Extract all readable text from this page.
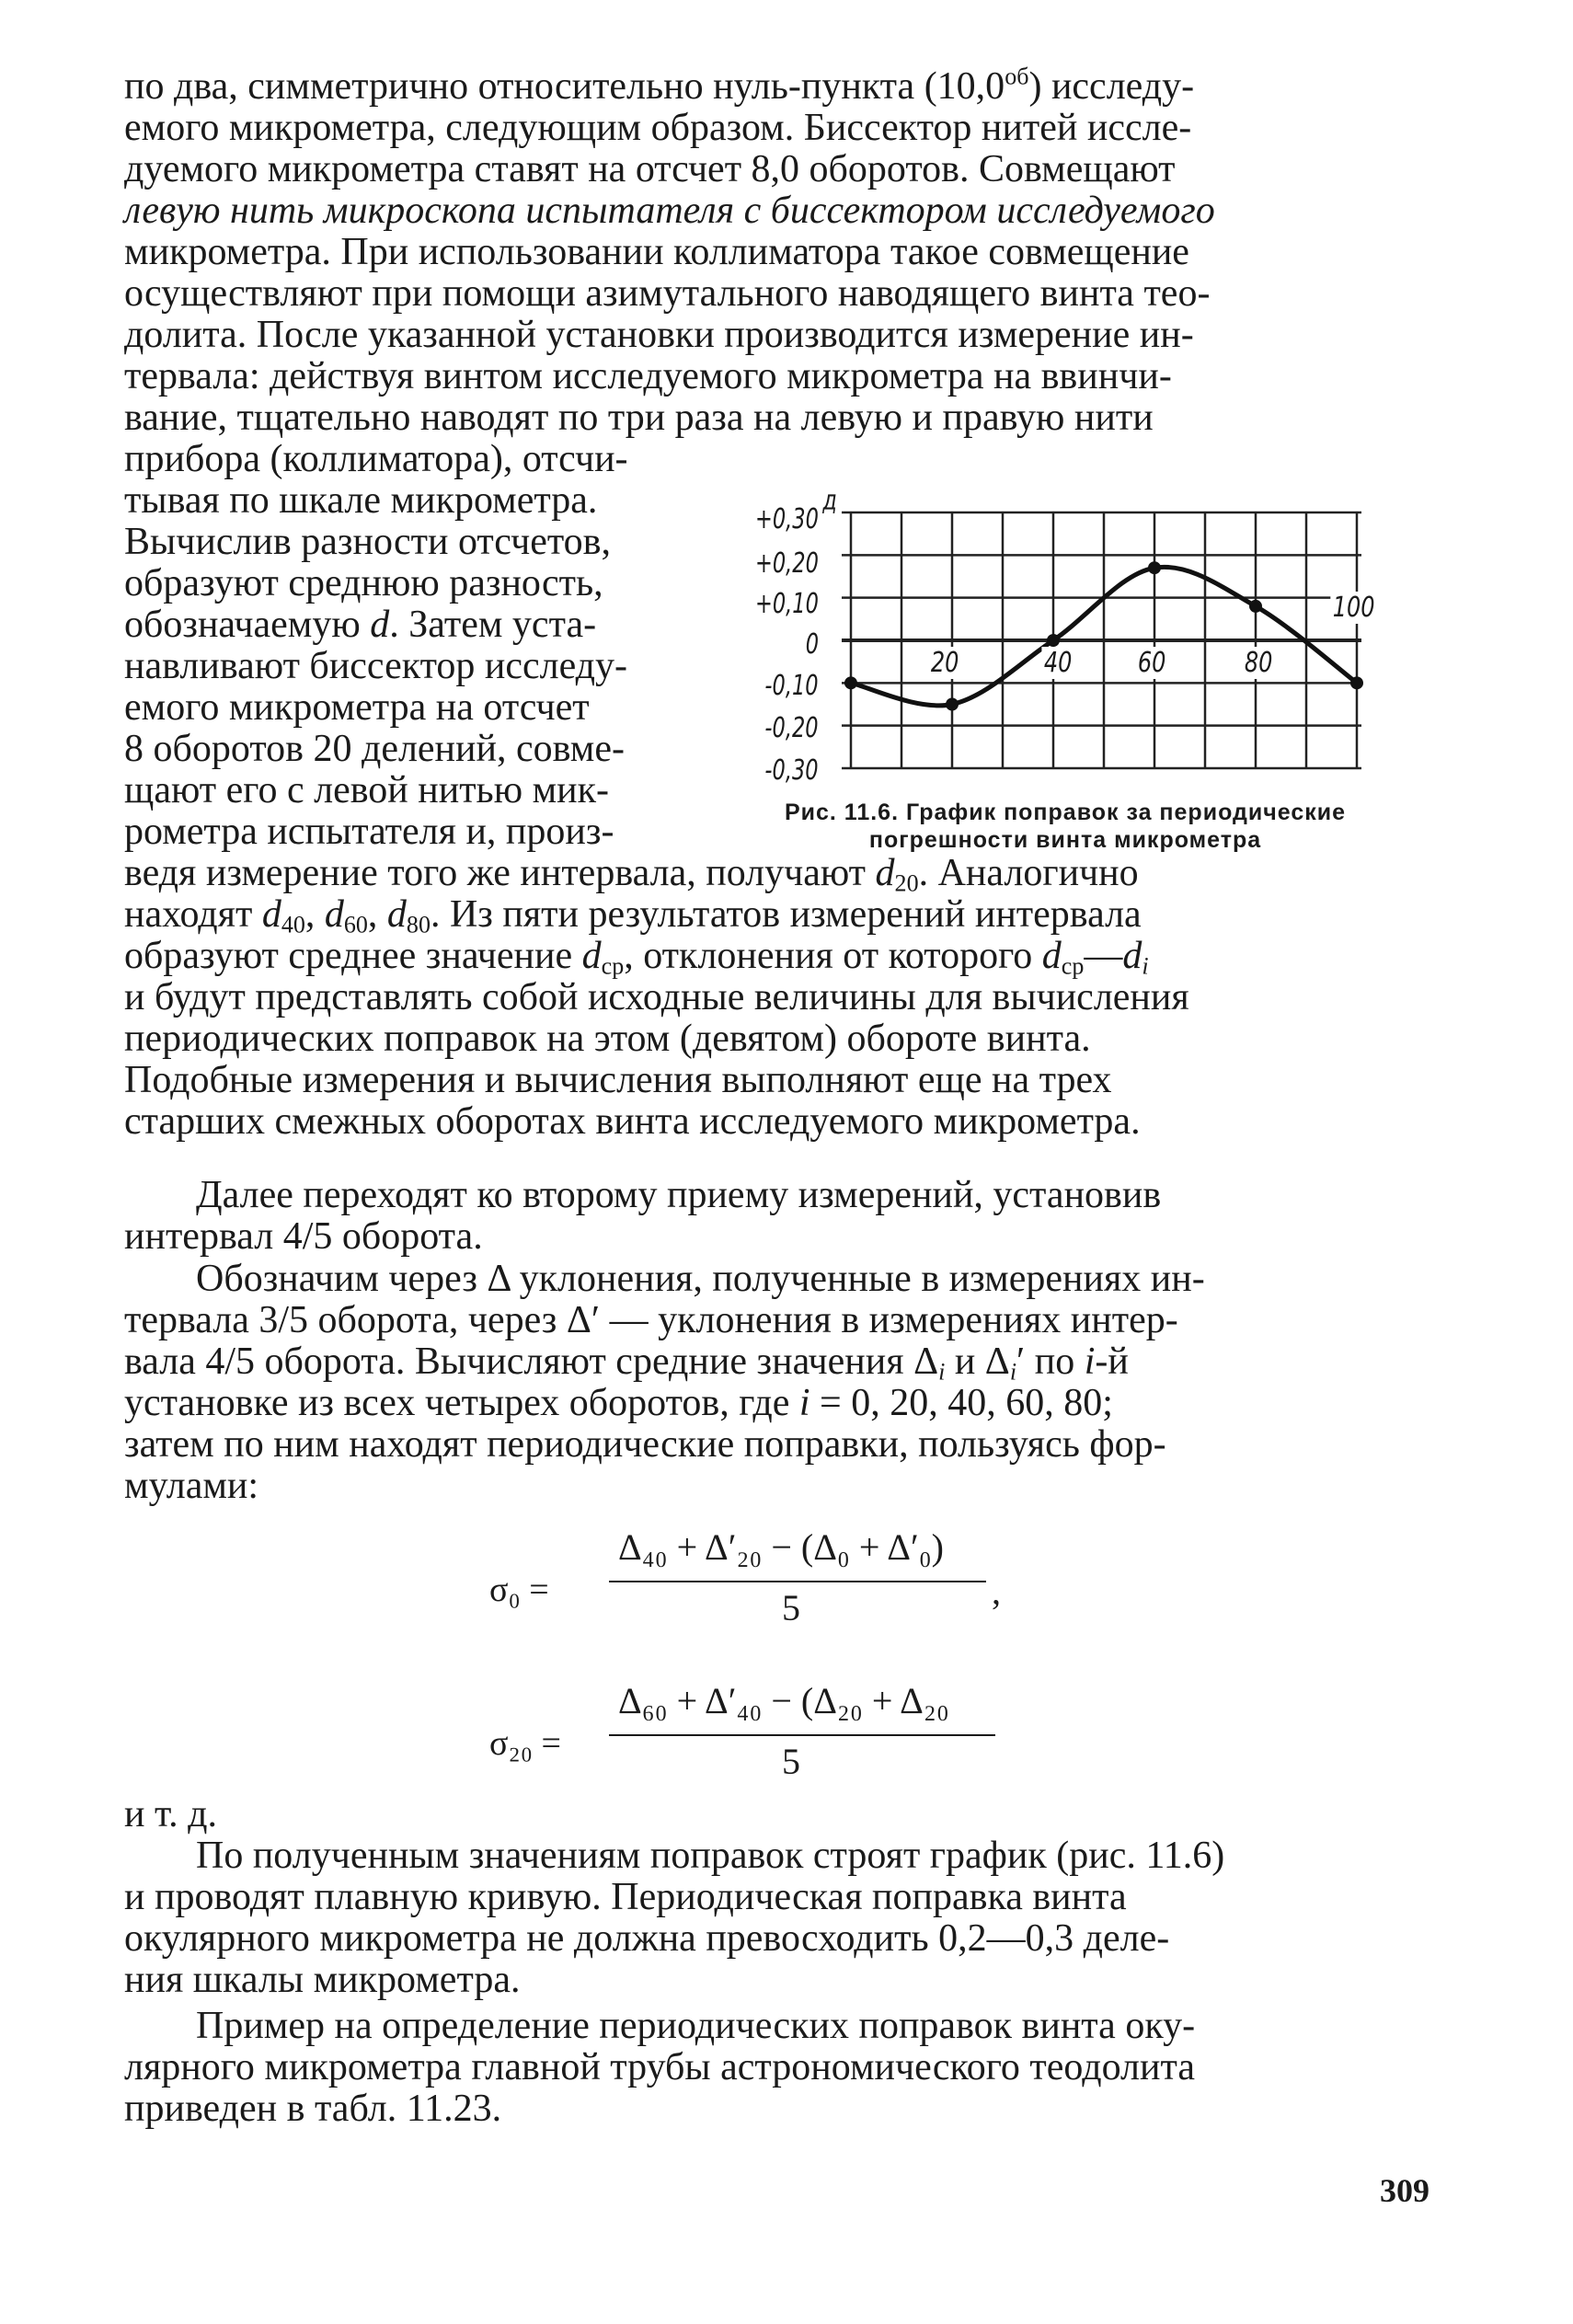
по два, симметрично относительно нуль-пункта $(10,0^{об})$ исследу-
емого микрометра, следующим образом. Биссектор нитей иссле-
дуемого микрометра ставят на отсчет 8,0 оборотов. Совмещают
левую нить микроскопа испытателя с биссектором исследуемого
микрометра. При использовании коллиматора такое совмещение
осуществляют при помощи азимутального наводящего винта тео-
долита. После указанной установки производится измерение ин-
тервала: действуя винтом исследуемого микрометра на ввинчи-
вание, тщательно наводят по три раза на левую и правую нити
прибора (коллиматора), отсчи-
тывая по шкале микрометра.
Вычислив разности отсчетов,
образуют среднюю разность,
обозначаемую d. Затем уста-
навливают биссектор исследу-
емого микрометра на отсчет
8 оборотов 20 делений, совме-
щают его с левой нитью мик-
рометра испытателя и, произ-
ведя измерение того же интервала, получают $d_{20}$. Аналогично
находят $d_{40}$, $d_{60}$, $d_{80}$. Из пяти результатов измерений интервала
образуют среднее значение $d_{ср}$, отклонения от которого $d_{ср}—d_i$
и будут представлять собой исходные величины для вычисления
периодических поправок на этом (девятом) обороте винта.
Подобные измерения и вычисления выполняют еще на трех
старших смежных оборотах винта исследуемого микрометра.
Далее переходят ко второму приему измерений, установив
интервал 4/5 оборота.
Обозначим через Δ уклонения, полученные в измерениях ин-
тервала 3/5 оборота, через Δ′ — уклонения в измерениях интер-
вала 4/5 оборота. Вычисляют средние значения $\Delta_i$ и $\Delta_i'$ по i-й
установке из всех четырех оборотов, где i = 0, 20, 40, 60, 80;
затем по ним находят периодические поправки, пользуясь фор-
мулами:
σ₀ =
Δ₄₀ + Δ′₂₀ − (Δ₀ + Δ′₀)
5	,
σ₂₀ =
Δ₆₀ + Δ′₄₀ − (Δ₂₀ + Δ₂₀
5
и т. д.
По полученным значениям поправок строят график (рис. 11.6)
и проводят плавную кривую. Периодическая поправка винта
окулярного микрометра не должна превосходить 0,2—0,3 деле-
ния шкалы микрометра.
Пример на определение периодических поправок винта оку-
лярного микрометра главной трубы астрономического теодолита
приведен в табл. 11.23.
д
+0,30
+0,20
+0,10
0
-0,10
-0,20
-0,30
20	40 60	80
100
Рис. 11.6. График поправок за периодические погрешности винта микрометра
309
